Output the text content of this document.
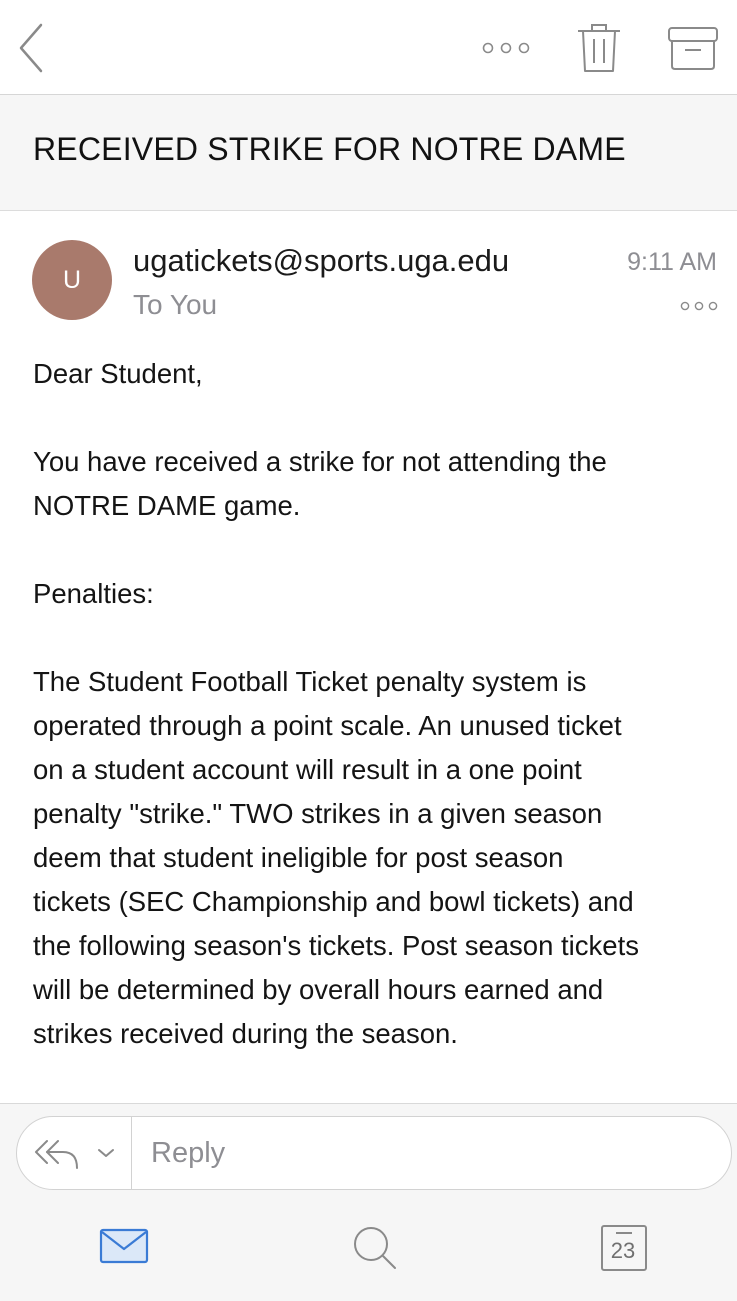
RECEIVED STRIKE FOR NOTRE DAME
U
ugatickets@sports.uga.edu
To You
9:11 AM

Dear Student,

You have received a strike for not attending the
NOTRE DAME game.

Penalties:

The Student Football Ticket penalty system is
operated through a point scale. An unused ticket
on a student account will result in a one point
penalty "strike." TWO strikes in a given season
deem that student ineligible for post season
tickets (SEC Championship and bowl tickets) and
the following season's tickets. Post season tickets
will be determined by overall hours earned and
strikes received during the season.

Reply
23
